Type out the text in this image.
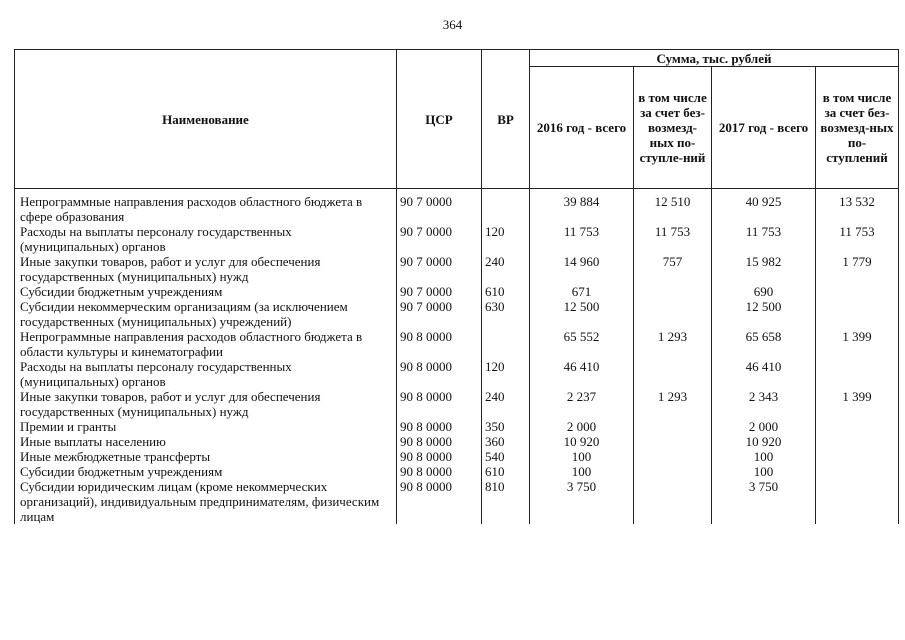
364
Наименование	ЦСР	ВР	Сумма, тыс. рублей			
			2016 год - всего	в том числе за счет без-возмезд-ных по-ступле-ний	2017 год - всего	в том числе за счет без-возмезд-ных по-ступлений
Непрограммные направления расходов областного бюджета в сфере образования	90 7 0000		39 884	12 510	40 925	13 532
Расходы на выплаты персоналу государственных (муниципальных) органов	90 7 0000	120	11 753	11 753	11 753	11 753
Иные закупки товаров, работ и услуг для обеспечения государственных (муниципальных) нужд	90 7 0000	240	14 960	757	15 982	1 779
Субсидии бюджетным учреждениям	90 7 0000	610	671		690	
Субсидии некоммерческим организациям (за исключением государственных (муниципальных) учреждений)	90 7 0000	630	12 500		12 500	
Непрограммные направления расходов областного бюджета в области культуры и кинематографии	90 8 0000		65 552	1 293	65 658	1 399
Расходы на выплаты персоналу государственных (муниципальных) органов	90 8 0000	120	46 410		46 410	
Иные закупки товаров, работ и услуг для обеспечения государственных (муниципальных) нужд	90 8 0000	240	2 237	1 293	2 343	1 399
Премии и гранты	90 8 0000	350	2 000		2 000	
Иные выплаты населению	90 8 0000	360	10 920		10 920	
Иные межбюджетные трансферты	90 8 0000	540	100		100	
Субсидии бюджетным учреждениям	90 8 0000	610	100		100	
Субсидии юридическим лицам (кроме некоммерческих организаций), индивидуальным предпринимателям, физическим лицам	90 8 0000	810	3 750		3 750	
